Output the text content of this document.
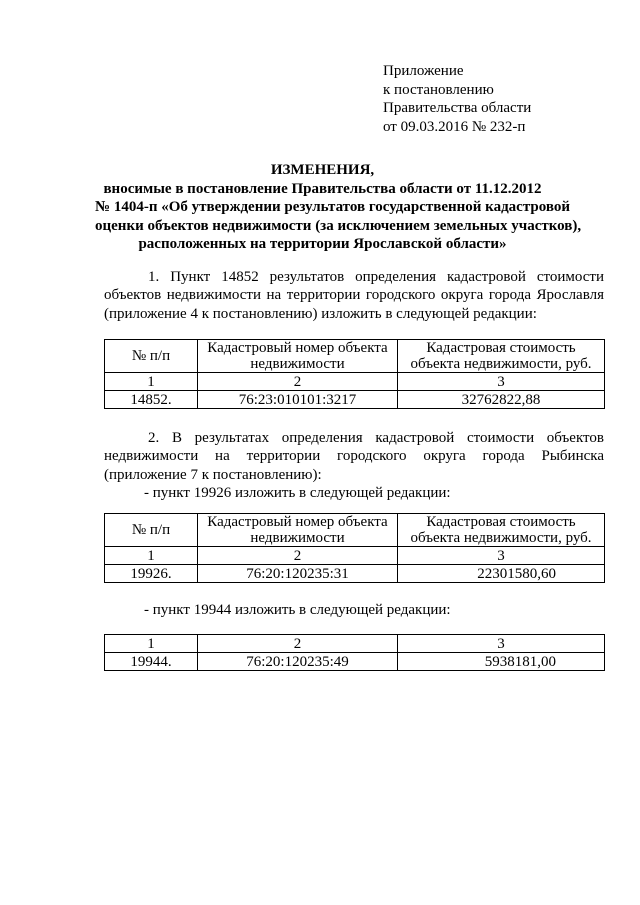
Приложение
к постановлению
Правительства области
от 09.03.2016 № 232-п
ИЗМЕНЕНИЯ,
вносимые в постановление Правительства области от 11.12.2012
№ 1404-п «Об утверждении результатов государственной кадастровой
оценки объектов недвижимости (за исключением земельных участков),
расположенных на территории Ярославской области»

1. Пункт 14852 результатов определения кадастровой стоимости объектов недвижимости на территории городского округа города Ярославля (приложение 4 к постановлению) изложить в следующей редакции:

№ п/п	Кадастровый номер объекта недвижимости	Кадастровая стоимость объекта недвижимости, руб.
1	2	3
14852.	76:23:010101:3217	32762822,88

2. В результатах определения кадастровой стоимости объектов недвижимости на территории городского округа города Рыбинска (приложение 7 к постановлению):

- пункт 19926 изложить в следующей редакции:

№ п/п	Кадастровый номер объекта недвижимости	Кадастровая стоимость объекта недвижимости, руб.
1	2	3
19926.	76:20:120235:31	22301580,60

- пункт 19944 изложить в следующей редакции:

1	2	3
19944.	76:20:120235:49	5938181,00
